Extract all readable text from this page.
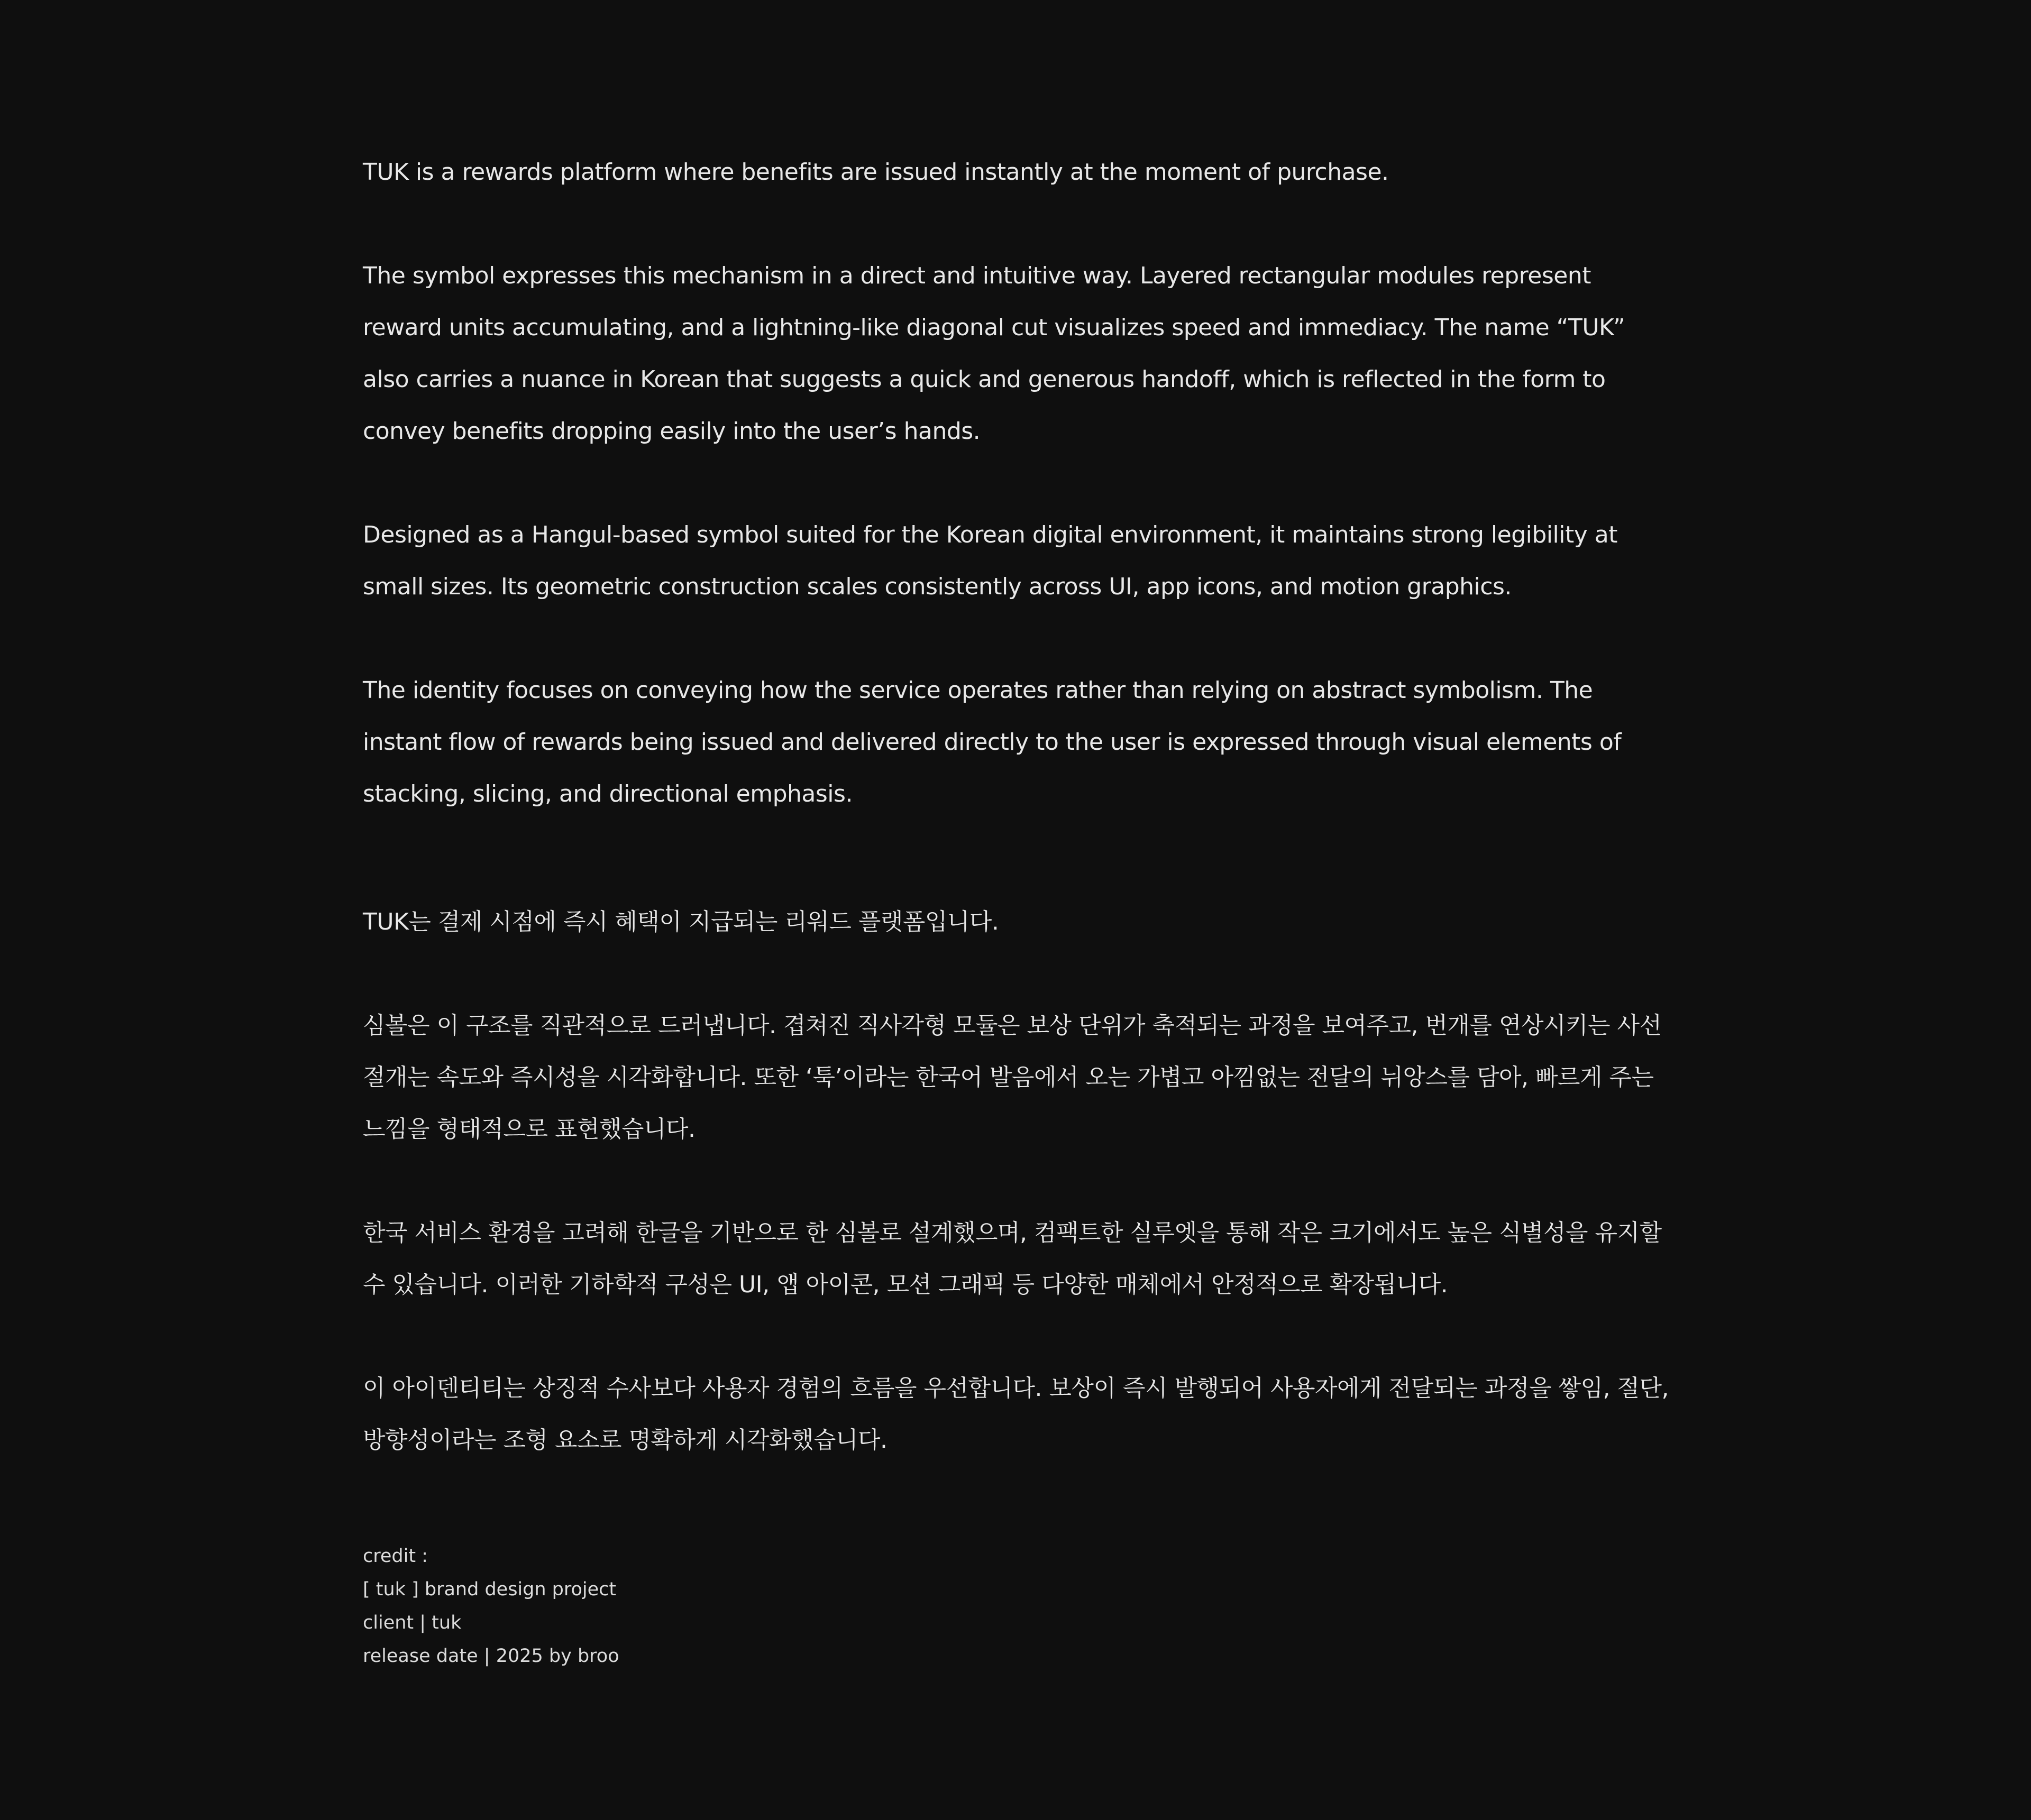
TUK is a rewards platform where benefits are issued instantly at the moment of purchase.

The symbol expresses this mechanism in a direct and intuitive way. Layered rectangular modules represent reward units accumulating, and a lightning-like diagonal cut visualizes speed and immediacy. The name “TUK” also carries a nuance in Korean that suggests a quick and generous handoff, which is reflected in the form to convey benefits dropping easily into the user’s hands.

Designed as a Hangul-based symbol suited for the Korean digital environment, it maintains strong legibility at small sizes. Its geometric construction scales consistently across UI, app icons, and motion graphics.

The identity focuses on conveying how the service operates rather than relying on abstract symbolism. The instant flow of rewards being issued and delivered directly to the user is expressed through visual elements of stacking, slicing, and directional emphasis.

TUK는 결제 시점에 즉시 혜택이 지급되는 리워드 플랫폼입니다.

심볼은 이 구조를 직관적으로 드러냅니다. 겹쳐진 직사각형 모듈은 보상 단위가 축적되는 과정을 보여주고, 번개를 연상시키는 사선 절개는 속도와 즉시성을 시각화합니다. 또한 ‘툭’이라는 한국어 발음에서 오는 가볍고 아낌없는 전달의 뉘앙스를 담아, 빠르게 주는 느낌을 형태적으로 표현했습니다.

한국 서비스 환경을 고려해 한글을 기반으로 한 심볼로 설계했으며, 컴팩트한 실루엣을 통해 작은 크기에서도 높은 식별성을 유지할 수 있습니다. 이러한 기하학적 구성은 UI, 앱 아이콘, 모션 그래픽 등 다양한 매체에서 안정적으로 확장됩니다.

이 아이덴티티는 상징적 수사보다 사용자 경험의 흐름을 우선합니다. 보상이 즉시 발행되어 사용자에게 전달되는 과정을 쌓임, 절단, 방향성이라는 조형 요소로 명확하게 시각화했습니다.

credit :
[ tuk ] brand design project
client | tuk
release date | 2025 by broo
